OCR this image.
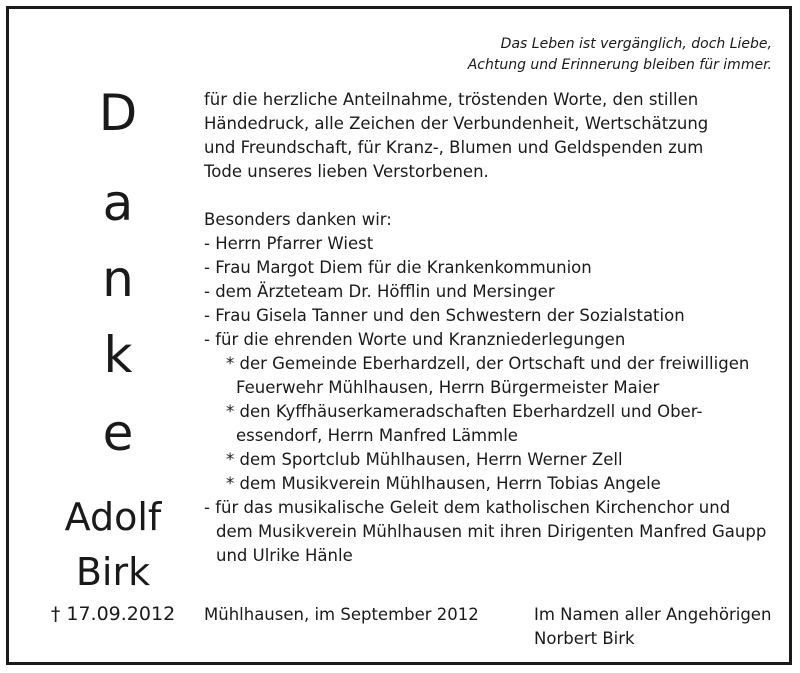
Das Leben ist vergänglich, doch Liebe,
Achtung und Erinnerung bleiben für immer.
D
a
n
k
e
Adolf
Birk
† 17.09.2012

für die herzliche Anteilnahme, tröstenden Worte, den stillen

Händedruck, alle Zeichen der Verbundenheit, Wertschätzung

und Freundschaft, für Kranz-, Blumen und Geldspenden zum

Tode unseres lieben Verstorbenen.

Besonders danken wir:

- Herrn Pfarrer Wiest

- Frau Margot Diem für die Krankenkommunion

- dem Ärzteteam Dr. Höfflin und Mersinger

- Frau Gisela Tanner und den Schwestern der Sozialstation

- für die ehrenden Worte und Kranzniederlegungen

* der Gemeinde Eberhardzell, der Ortschaft und der freiwilligen

Feuerwehr Mühlhausen, Herrn Bürgermeister Maier

* den Kyffhäuserkameradschaften Eberhardzell und Ober-

essendorf, Herrn Manfred Lämmle

* dem Sportclub Mühlhausen, Herrn Werner Zell

* dem Musikverein Mühlhausen, Herrn Tobias Angele

- für das musikalische Geleit dem katholischen Kirchenchor und

dem Musikverein Mühlhausen mit ihren Dirigenten Manfred Gaupp

und Ulrike Hänle

Mühlhausen, im September 2012	Im Namen aller Angehörigen
Norbert Birk
